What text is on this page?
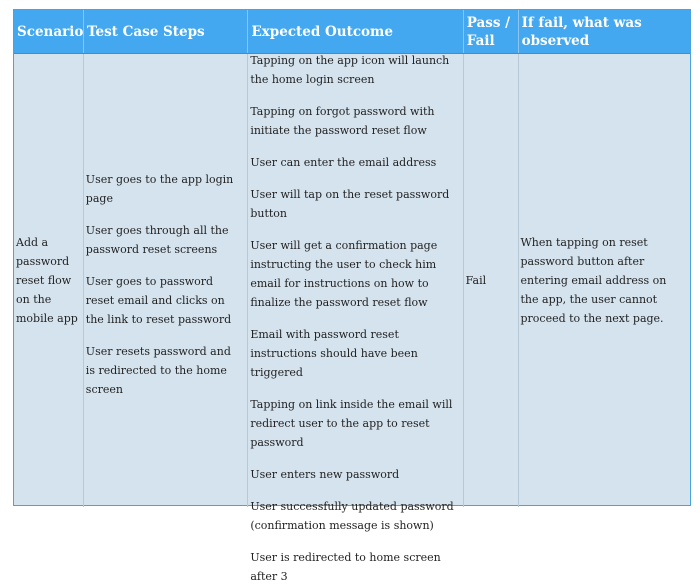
Scenario Test Case Steps	Expected Outcome
Pass / Fail
If fail, what was observed
Add a password reset flow on the mobile app
User goes to the app login page
User goes through all the password reset screens
User goes to password reset email and clicks on the link to reset password
User resets password and is redirected to the home screen
Tapping on the app icon will launch the home login screen
Tapping on forgot password with initiate the password reset flow
User can enter the email address
User will tap on the reset password button
User will get a confirmation page instructing the user to check him email for instructions on how to finalize the password reset flow
Email with password reset instructions should have been triggered
Tapping on link inside the email will redirect user to the app to reset password
User enters new password
User successfully updated password (confirmation message is shown)
User is redirected to home screen after 3
Fail
When tapping on reset password button after entering email address on the app, the user cannot proceed to the next page.
